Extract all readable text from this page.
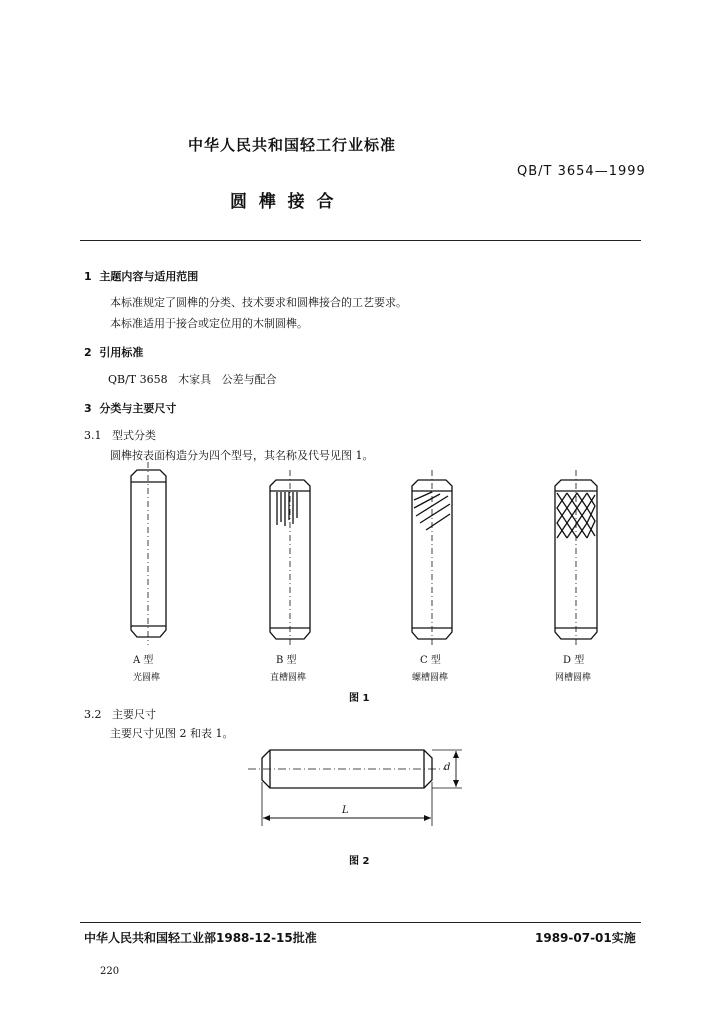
中华人民共和国轻工行业标准
QB/T 3654—1999
圆  榫  接  合
1  主题内容与适用范围
本标准规定了圆榫的分类、技术要求和圆榫接合的工艺要求。
本标准适用于接合或定位用的木制圆榫。
2  引用标准
QB/T 3658   木家具   公差与配合
3  分类与主要尺寸
3.1   型式分类
圆榫按表面构造分为四个型号，其名称及代号见图 1。
A 型
光圆榫
B 型
直槽圆榫
C 型
螺槽圆榫
D 型
网槽圆榫
图 1
3.2   主要尺寸
主要尺寸见图 2 和表 1。
L
d
图 2
中华人民共和国轻工业部1988-12-15批准	1989-07-01实施
220
